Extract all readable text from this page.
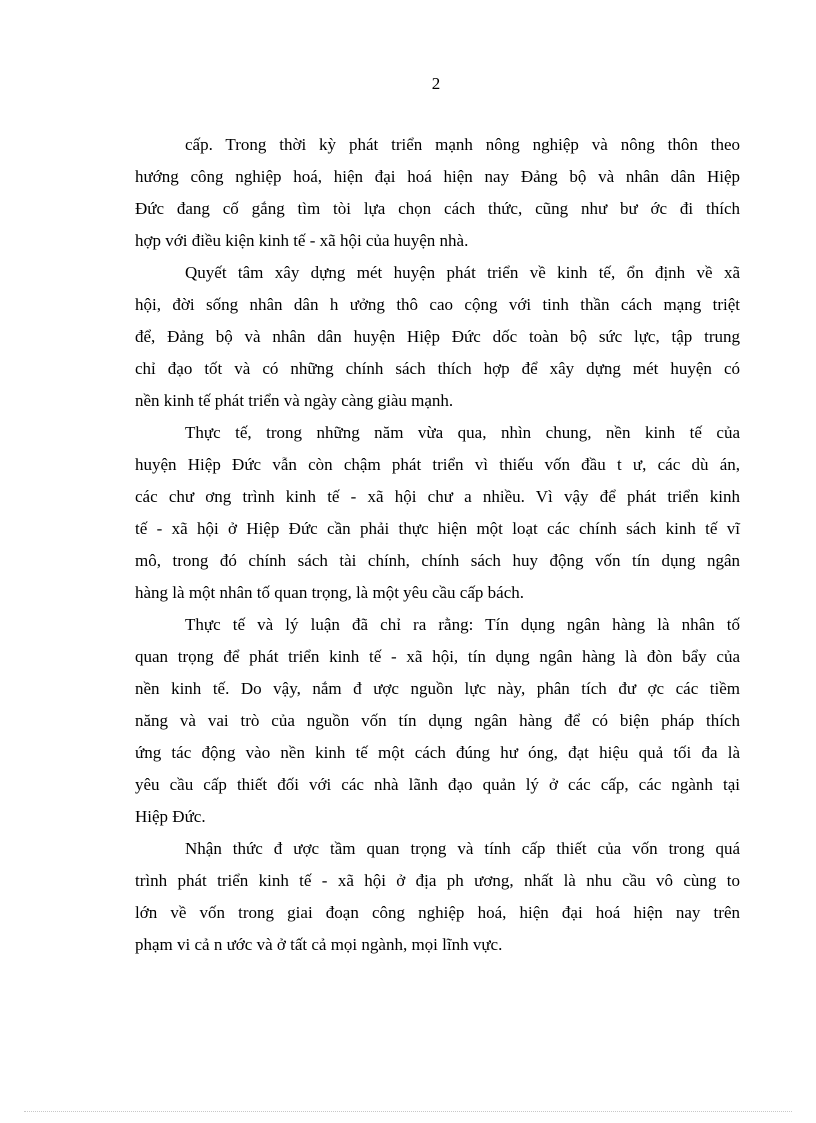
2

cấp. Trong thời kỳ phát triển mạnh nông nghiệp và nông thôn theo
hướng công nghiệp hoá, hiện đại hoá hiện nay Đảng bộ và nhân dân Hiệp
Đức đang cố gắng tìm tòi lựa chọn cách thức, cũng như bư ớc đi thích
hợp với điều kiện kinh tế - xã hội của huyện nhà.

Quyết tâm xây dựng mét huyện phát triển về kinh tế, ổn định về xã
hội, đời sống nhân dân h ưởng thô cao cộng với tinh thần cách mạng triệt
để, Đảng bộ và nhân dân huyện Hiệp Đức dốc toàn bộ sức lực, tập trung
chỉ đạo tốt và có những chính sách thích hợp để xây dựng mét huyện có
nền kinh tế phát triển và ngày càng giàu mạnh.

Thực tế, trong những năm vừa qua, nhìn chung, nền kinh tế của
huyện Hiệp Đức vẫn còn chậm phát triển vì thiếu vốn đầu t ư, các dù án,
các chư ơng trình kinh tế - xã hội chư a nhiều. Vì vậy để phát triển kinh
tế - xã hội ở Hiệp Đức cần phải thực hiện một loạt các chính sách kinh tế vĩ
mô, trong đó chính sách tài chính, chính sách huy động vốn tín dụng ngân
hàng là một nhân tố quan trọng, là một yêu cầu cấp bách.

Thực tế và lý luận đã chỉ ra rằng: Tín dụng ngân hàng là nhân tố
quan trọng để phát triển kinh tế - xã hội, tín dụng ngân hàng là đòn bẩy của
nền kinh tế. Do vậy, nắm đ ược nguồn lực này, phân tích đư ợc các tiềm
năng và vai trò của nguồn vốn tín dụng ngân hàng để có biện pháp thích
ứng tác động vào nền kinh tế một cách đúng hư óng, đạt hiệu quả tối đa là
yêu cầu cấp thiết đối với các nhà lãnh đạo quản lý ở các cấp, các ngành tại
Hiệp Đức.

Nhận thức đ ược tầm quan trọng và tính cấp thiết của vốn trong quá
trình phát triển kinh tế - xã hội ở địa ph ương, nhất là nhu cầu vô cùng to
lớn về vốn trong giai đoạn công nghiệp hoá, hiện đại hoá hiện nay trên
phạm vi cả n ước và ở tất cả mọi ngành, mọi lĩnh vực.
